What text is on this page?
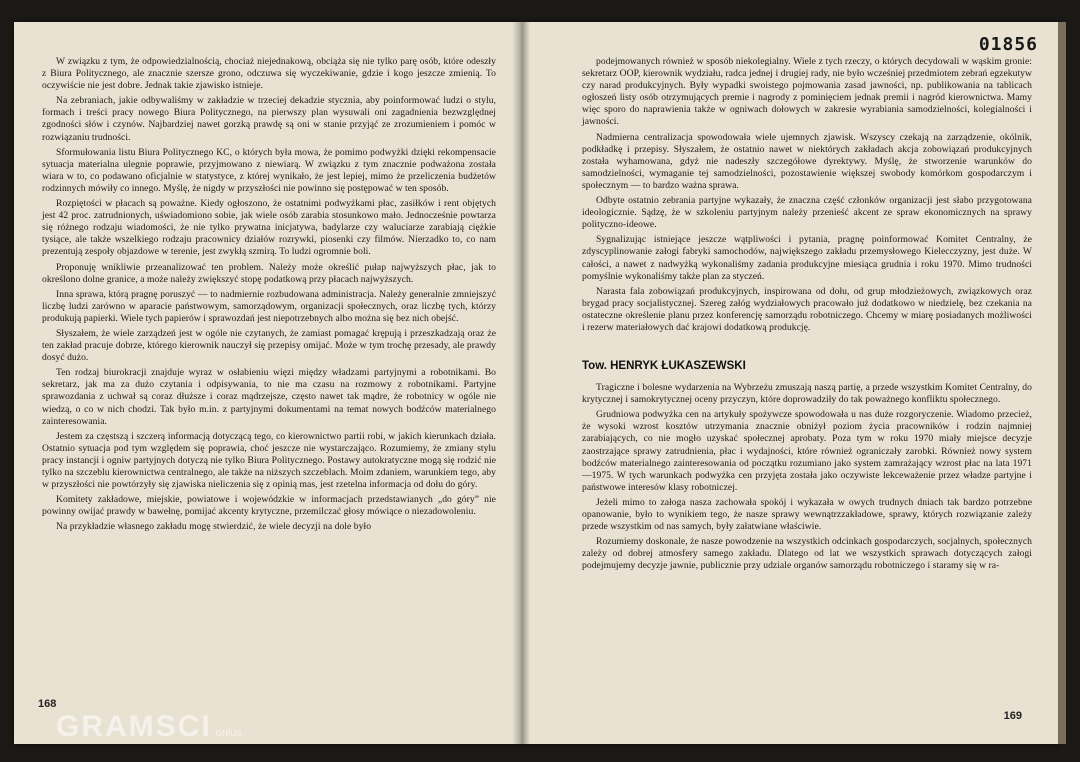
W związku z tym, że odpowiedzialnością, chociaż niejednakową, obciąża się nie tylko parę osób, które odeszły z Biura Politycznego, ale znacznie szersze grono, odczuwa się wyczekiwanie, gdzie i kogo jeszcze zmienią. To oczywiście nie jest dobre. Jednak takie zjawisko istnieje.

Na zebraniach, jakie odbywaliśmy w zakładzie w trzeciej dekadzie stycznia, aby poinformować ludzi o stylu, formach i treści pracy nowego Biura Politycznego, na pierwszy plan wysuwali oni zagadnienia bezwzględnej zgodności słów i czynów. Najbardziej nawet gorzką prawdę są oni w stanie przyjąć ze zrozumieniem i pomóc w rozwiązaniu trudności.

Sformułowania listu Biura Politycznego KC, o których była mowa, że pomimo podwyżki dzięki rekompensacie sytuacja materialna ulegnie poprawie, przyjmowano z niewiarą. W związku z tym znacznie podważona została wiara w to, co podawano oficjalnie w statystyce, z której wynikało, że jest lepiej, mimo że przeliczenia budżetów rodzinnych mówiły co innego. Myślę, że nigdy w przyszłości nie powinno się postępować w ten sposób.

Rozpiętości w płacach są poważne. Kiedy ogłoszono, że ostatnimi podwyżkami płac, zasiłków i rent objętych jest 42 proc. zatrudnionych, uświadomiono sobie, jak wiele osób zarabia stosunkowo mało. Jednocześnie powtarza się różnego rodzaju wiadomości, że nie tylko prywatna inicjatywa, badylarze czy waluciarze zarabiają ciężkie tysiące, ale także wszelkiego rodzaju pracownicy działów rozrywki, piosenki czy filmów. Nierzadko to, co nam prezentują zespoły objazdowe w terenie, jest zwykłą szmirą. To ludzi ogromnie boli.

Proponuję wnikliwie przeanalizować ten problem. Należy może określić pułap najwyższych płac, jak to określono dolne granice, a może należy zwiększyć stopę podatkową przy płacach najwyższych.

Inna sprawa, którą pragnę poruszyć — to nadmiernie rozbudowana administracja. Należy generalnie zmniejszyć liczbę ludzi zarówno w aparacie państwowym, samorządowym, organizacji społecznych, oraz liczbę tych, którzy produkują papierki. Wiele tych papierów i sprawozdań jest niepotrzebnych albo można się bez nich obejść.

Słyszałem, że wiele zarządzeń jest w ogóle nie czytanych, że zamiast pomagać krępują i przeszkadzają oraz że ten zakład pracuje dobrze, którego kierownik nauczył się przepisy omijać. Może w tym trochę przesady, ale prawdy dosyć dużo.

Ten rodzaj biurokracji znajduje wyraz w osłabieniu więzi między władzami partyjnymi a robotnikami. Bo sekretarz, jak ma za dużo czytania i odpisywania, to nie ma czasu na rozmowy z robotnikami. Partyjne sprawozdania z uchwał są coraz dłuższe i coraz mądrzejsze, często nawet tak mądre, że robotnicy w ogóle nie wiedzą, o co w nich chodzi. Tak było m.in. z partyjnymi dokumentami na temat nowych bodźców materialnego zainteresowania.

Jestem za częstszą i szczerą informacją dotyczącą tego, co kierownictwo partii robi, w jakich kierunkach działa. Ostatnio sytuacja pod tym względem się poprawia, choć jeszcze nie wystarczająco. Rozumiemy, że zmiany stylu pracy instancji i ogniw partyjnych dotyczą nie tylko Biura Politycznego. Postawy autokratyczne mogą się rodzić nie tylko na szczeblu kierownictwa centralnego, ale także na niższych szczeblach. Moim zdaniem, warunkiem tego, aby w przyszłości nie powtórzyły się zjawiska nieliczenia się z opinią mas, jest rzetelna informacja od dołu do góry.

Komitety zakładowe, miejskie, powiatowe i wojewódzkie w informacjach przedstawianych „do góry” nie powinny owijać prawdy w bawełnę, pomijać akcenty krytyczne, przemilczać głosy mówiące o niezadowoleniu.

Na przykładzie własnego zakładu mogę stwierdzić, że wiele decyzji na dole było

168

podejmowanych również w sposób niekolegialny. Wiele z tych rzeczy, o których decydowali w wąskim gronie: sekretarz OOP, kierownik wydziału, radca jednej i drugiej rady, nie było wcześniej przedmiotem zebrań egzekutyw czy narad produkcyjnych. Były wypadki swoistego pojmowania zasad jawności, np. publikowania na tablicach ogłoszeń listy osób otrzymujących premie i nagrody z pominięciem jednak premii i nagród kierownictwa. Mamy więc sporo do naprawienia także w ogniwach dołowych w zakresie wyrabiania samodzielności, kolegialności i jawności.

Nadmierna centralizacja spowodowała wiele ujemnych zjawisk. Wszyscy czekają na zarządzenie, okólnik, podkładkę i przepisy. Słyszałem, że ostatnio nawet w niektórych zakładach akcja zobowiązań produkcyjnych została wyhamowana, gdyż nie nadeszły szczegółowe dyrektywy. Myślę, że stworzenie warunków do samodzielności, wymaganie tej samodzielności, pozostawienie większej swobody komórkom gospodarczym i społecznym — to bardzo ważna sprawa.

Odbyte ostatnio zebrania partyjne wykazały, że znaczna część członków organizacji jest słabo przygotowana ideologicznie. Sądzę, że w szkoleniu partyjnym należy przenieść akcent ze spraw ekonomicznych na sprawy polityczno-ideowe.

Sygnalizując istniejące jeszcze wątpliwości i pytania, pragnę poinformować Komitet Centralny, że zdyscyplinowanie załogi fabryki samochodów, największego zakładu przemysłowego Kielecczyzny, jest duże. W całości, a nawet z nadwyżką wykonaliśmy zadania produkcyjne miesiąca grudnia i roku 1970. Mimo trudności pomyślnie wykonaliśmy także plan za styczeń.

Narasta fala zobowiązań produkcyjnych, inspirowana od dołu, od grup młodzieżowych, związkowych oraz brygad pracy socjalistycznej. Szereg załóg wydziałowych pracowało już dodatkowo w niedzielę, bez czekania na ostateczne określenie planu przez konferencję samorządu robotniczego. Chcemy w miarę posiadanych możliwości i rezerw materiałowych dać krajowi dodatkową produkcję.

Tow. HENRYK ŁUKASZEWSKI

Tragiczne i bolesne wydarzenia na Wybrzeżu zmuszają naszą partię, a przede wszystkim Komitet Centralny, do krytycznej i samokrytycznej oceny przyczyn, które doprowadziły do tak poważnego konfliktu społecznego.

Grudniowa podwyżka cen na artykuły spożywcze spowodowała u nas duże rozgoryczenie. Wiadomo przecież, że wysoki wzrost kosztów utrzymania znacznie obniżył poziom życia pracowników i rodzin najmniej zarabiających, co nie mogło uzyskać społecznej aprobaty. Poza tym w roku 1970 miały miejsce decyzje zaostrzające sprawy zatrudnienia, płac i wydajności, które również ograniczały zarobki. Również nowy system bodźców materialnego zainteresowania od początku rozumiano jako system zamrażający wzrost płac na lata 1971—1975. W tych warunkach podwyżka cen przyjęta została jako oczywiste lekceważenie przez władze partyjne i państwowe interesów klasy robotniczej.

Jeżeli mimo to załoga nasza zachowała spokój i wykazała w owych trudnych dniach tak bardzo potrzebne opanowanie, było to wynikiem tego, że nasze sprawy wewnątrzzakładowe, sprawy, których rozwiązanie zależy przede wszystkim od nas samych, były załatwiane właściwie.

Rozumiemy doskonale, że nasze powodzenie na wszystkich odcinkach gospodarczych, socjalnych, społecznych zależy od dobrej atmosfery samego zakładu. Dlatego od lat we wszystkich sprawach dotyczących załogi podejmujemy decyzje jawnie, publicznie przy udziale organów samorządu robotniczego i staramy się w ra-

169
01856
GRAMSCI onlus
